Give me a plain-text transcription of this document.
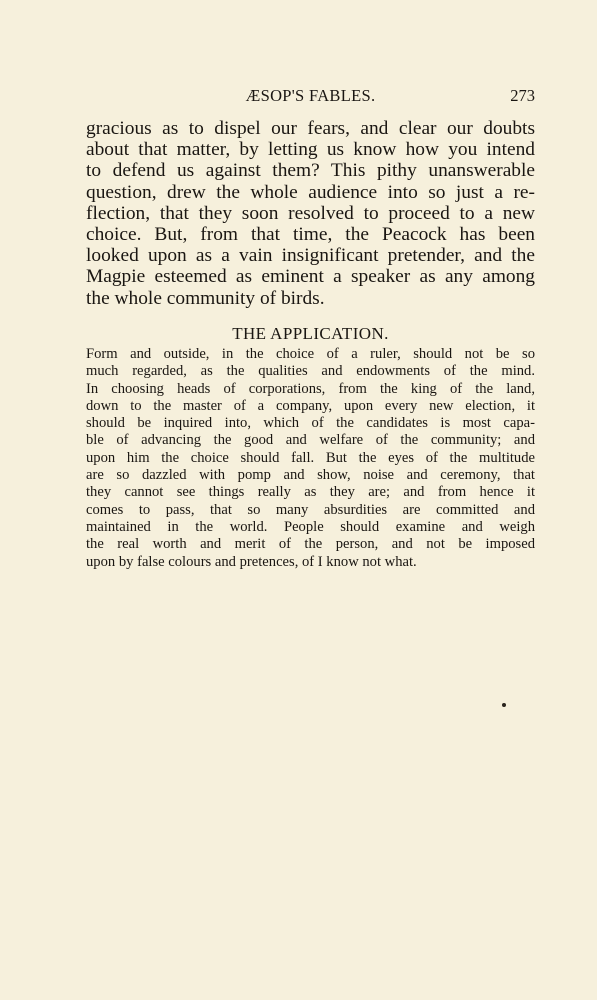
ÆSOP'S FABLES.	273

gracious as to dispel our fears, and clear our doubts
about that matter, by letting us know how you intend
to defend us against them? This pithy unanswerable
question, drew the whole audience into so just a re-
flection, that they soon resolved to proceed to a new
choice. But, from that time, the Peacock has been
looked upon as a vain insignificant pretender, and the
Magpie esteemed as eminent a speaker as any among
the whole community of birds.

THE APPLICATION.

Form and outside, in the choice of a ruler, should not be so
much regarded, as the qualities and endowments of the mind.
In choosing heads of corporations, from the king of the land,
down to the master of a company, upon every new election, it
should be inquired into, which of the candidates is most capa-
ble of advancing the good and welfare of the community; and
upon him the choice should fall. But the eyes of the multitude
are so dazzled with pomp and show, noise and ceremony, that
they cannot see things really as they are; and from hence it
comes to pass, that so many absurdities are committed and
maintained in the world. People should examine and weigh
the real worth and merit of the person, and not be imposed
upon by false colours and pretences, of I know not what.
